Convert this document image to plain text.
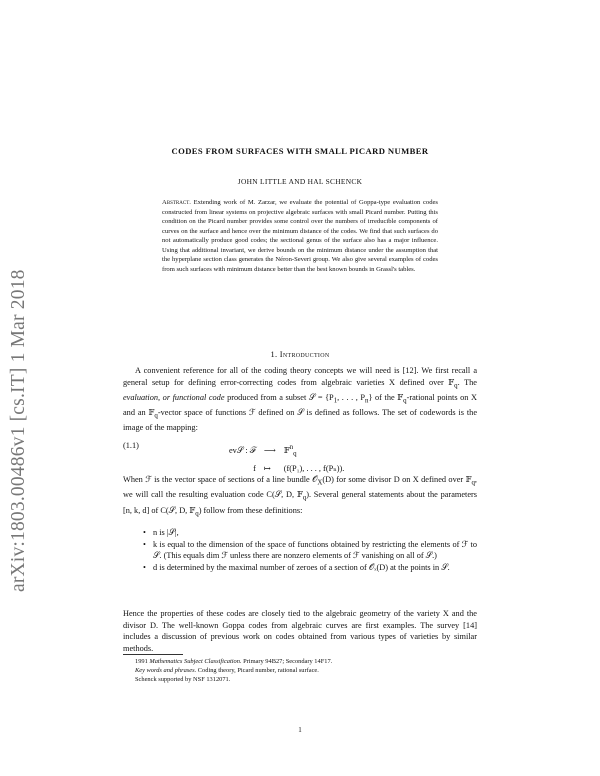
arXiv:1803.00486v1 [cs.IT] 1 Mar 2018
CODES FROM SURFACES WITH SMALL PICARD NUMBER
JOHN LITTLE AND HAL SCHENCK
Abstract. Extending work of M. Zarzar, we evaluate the potential of Goppa-type evaluation codes constructed from linear systems on projective algebraic surfaces with small Picard number. Putting this condition on the Picard number provides some control over the numbers of irreducible components of curves on the surface and hence over the minimum distance of the codes. We find that such surfaces do not automatically produce good codes; the sectional genus of the surface also has a major influence. Using that additional invariant, we derive bounds on the minimum distance under the assumption that the hyperplane section class generates the Néron-Severi group. We also give several examples of codes from such surfaces with minimum distance better than the best known bounds in Grassl's tables.
1. Introduction
A convenient reference for all of the coding theory concepts we will need is [12]. We first recall a general setup for defining error-correcting codes from algebraic varieties X defined over 𝔽$_q$. The evaluation, or functional code produced from a subset 𝒮 = {$P_1$, . . . , $P_n$} of the 𝔽$_q$-rational points on X and an 𝔽$_q$-vector space of functions ℱ defined on 𝒮 is defined as follows. The set of codewords is the image of the mapping:
(1.1)
ev𝒮 : ℱ	⟶	𝔽$^n_q$
f	↦	(f(P₁), . . . , f(Pₙ)).
When ℱ is the vector space of sections of a line bundle 𝒪$_X$(D) for some divisor D on X defined over 𝔽$_q$, we will call the resulting evaluation code C(𝒮, D, 𝔽$_q$). Several general statements about the parameters [n, k, d] of C(𝒮, D, 𝔽$_q$) follow from these definitions:
• n is |𝒮|,
• k is equal to the dimension of the space of functions obtained by restricting the elements of ℱ to 𝒮. (This equals dim ℱ unless there are nonzero elements of ℱ vanishing on all of 𝒮.)
• d is determined by the maximal number of zeroes of a section of 𝒪ₓ(D) at the points in 𝒮.
Hence the properties of these codes are closely tied to the algebraic geometry of the variety X and the divisor D. The well-known Goppa codes from algebraic curves are first examples. The survey [14] includes a discussion of previous work on codes obtained from various types of varieties by similar methods.
1991 Mathematics Subject Classification. Primary 94B27; Secondary 14F17.
Key words and phrases. Coding theory, Picard number, rational surface.
Schenck supported by NSF 1312071.
1
